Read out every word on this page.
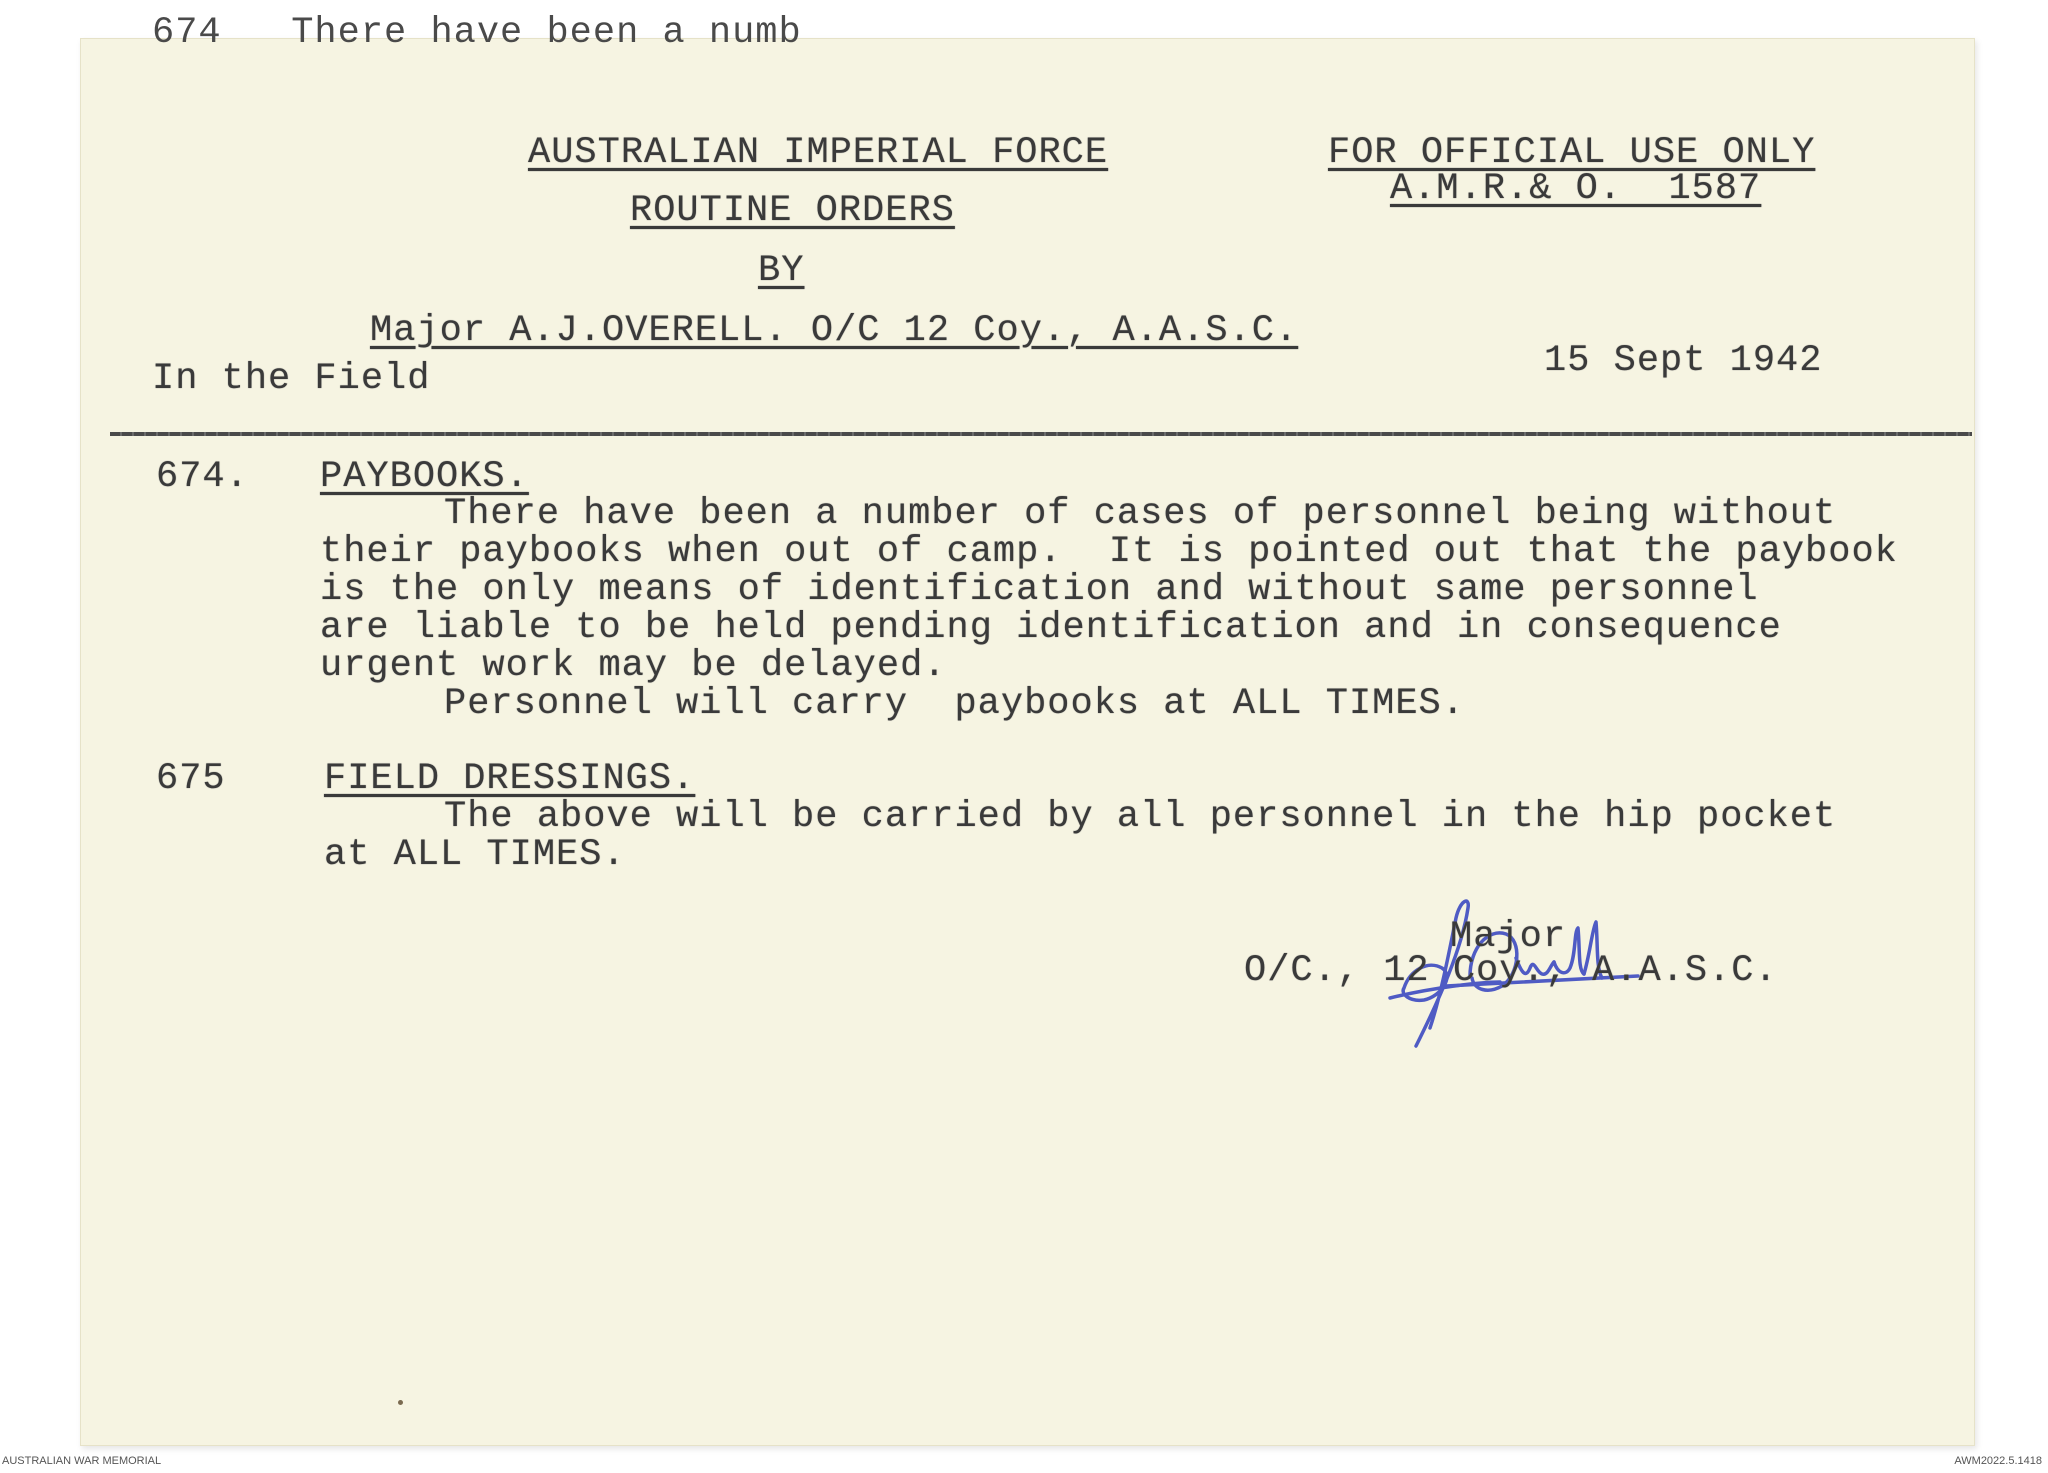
674   There have been a numb
AUSTRALIAN IMPERIAL FORCE
ROUTINE ORDERS
BY
Major A.J.OVERELL. O/C 12 Coy., A.A.S.C.
FOR OFFICIAL USE ONLY
A.M.R.& O.  1587
In the Field	15 Sept 1942
674. PAYBOOKS.
There have been a number of cases of personnel being without
their paybooks when out of camp.  It is pointed out that the paybook
is the only means of identification and without same personnel
are liable to be held pending identification and in consequence
urgent work may be delayed.
Personnel will carry  paybooks at ALL TIMES.
675	FIELD DRESSINGS.
The above will be carried by all personnel in the hip pocket
at ALL TIMES.
Major
O/C., 12 Coy., A.A.S.C.
AUSTRALIAN WAR MEMORIAL	AWM2022.5.1418
